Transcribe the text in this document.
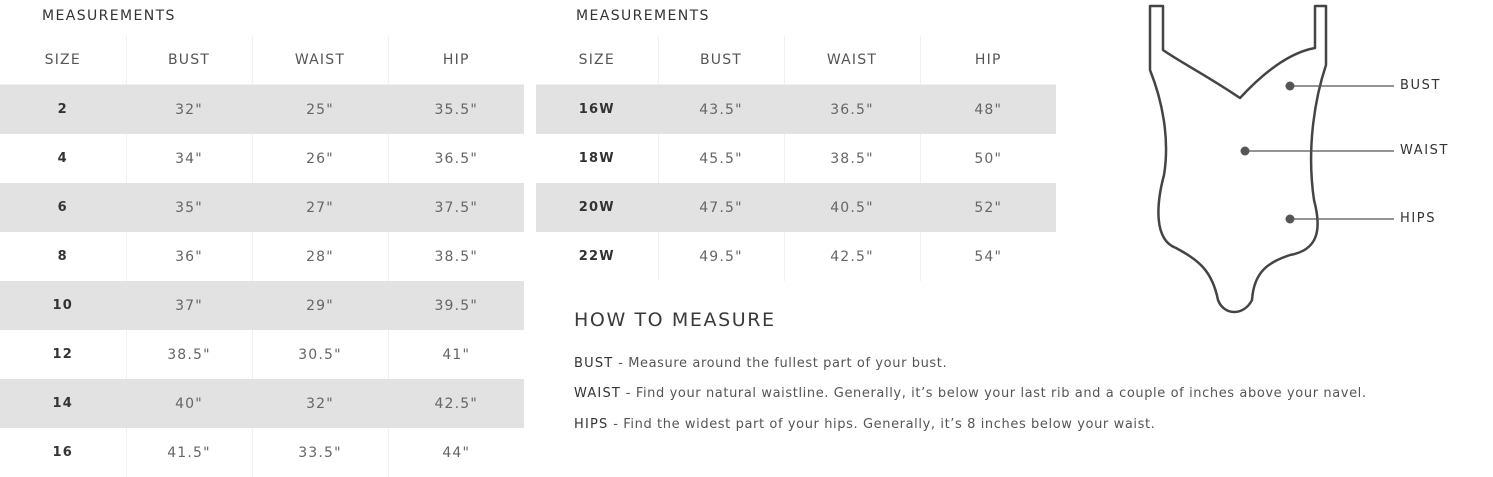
MEASUREMENTS
SIZE	BUST	WAIST	HIP
2	32"	25"	35.5"
4	34"	26"	36.5"
6	35"	27"	37.5"
8	36"	28"	38.5"
10	37"	29"	39.5"
12	38.5"	30.5"	41"
14	40"	32"	42.5"
16	41.5"	33.5"	44"
MEASUREMENTS
SIZE	BUST	WAIST	HIP
16W	43.5"	36.5"	48"
18W	45.5"	38.5"	50"
20W	47.5"	40.5"	52"
22W	49.5"	42.5"	54"
HOW TO MEASURE
BUST - Measure around the fullest part of your bust.
WAIST - Find your natural waistline. Generally, it’s below your last rib and a couple of inches above your navel.
HIPS - Find the widest part of your hips. Generally, it’s 8 inches below your waist.
BUST
WAIST
HIPS
